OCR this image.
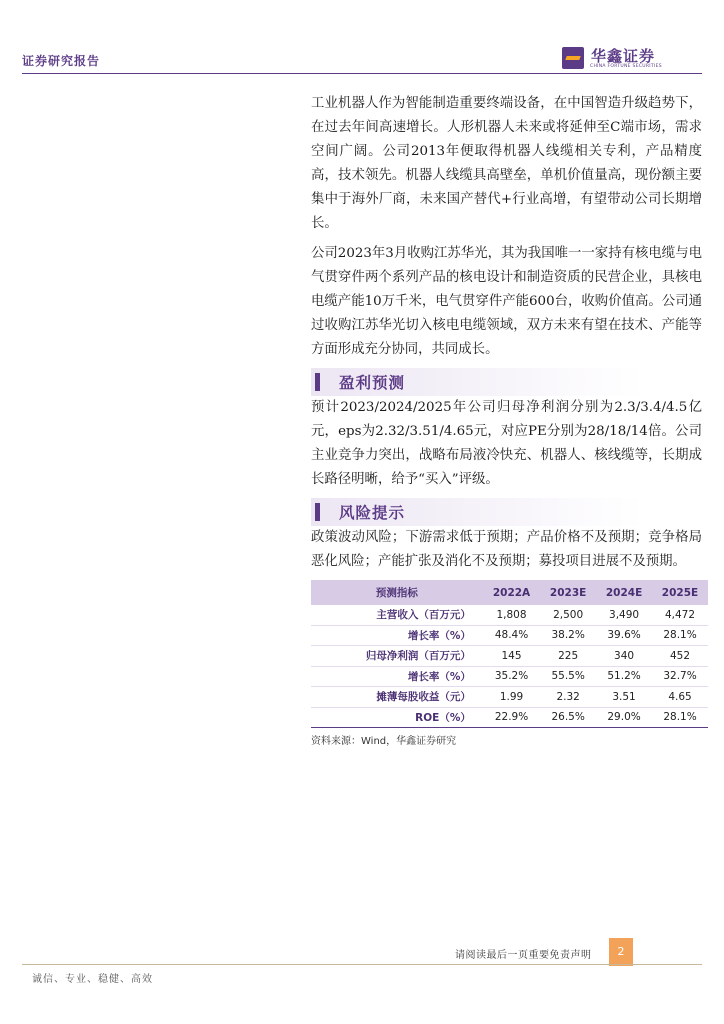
证券研究报告	华鑫证券
CHINA FORTUNE SECURITIES

工业机器人作为智能制造重要终端设备，在中国智造升级趋势下，在过去年间高速增长。人形机器人未来或将延伸至C端市场，需求空间广阔。公司2013年便取得机器人线缆相关专利，产品精度高，技术领先。机器人线缆具高壁垒，单机价值量高，现份额主要集中于海外厂商，未来国产替代+行业高增，有望带动公司长期增长。

公司2023年3月收购江苏华光，其为我国唯一一家持有核电缆与电气贯穿件两个系列产品的核电设计和制造资质的民营企业，具核电电缆产能10万千米，电气贯穿件产能600台，收购价值高。公司通过收购江苏华光切入核电电缆领域，双方未来有望在技术、产能等方面形成充分协同，共同成长。

盈利预测

预计2023/2024/2025年公司归母净利润分别为2.3/3.4/4.5亿元，eps为2.32/3.51/4.65元，对应PE分别为28/18/14倍。公司主业竞争力突出，战略布局液冷快充、机器人、核线缆等，长期成长路径明晰，给予“买入”评级。

风险提示

政策波动风险；下游需求低于预期；产品价格不及预期；竞争格局恶化风险；产能扩张及消化不及预期；募投项目进展不及预期。

预测指标	2022A	2023E	2024E	2025E
主营收入（百万元）	1,808	2,500	3,490	4,472
增长率（%）	48.4%	38.2%	39.6%	28.1%
归母净利润（百万元）	145	225	340	452
增长率（%）	35.2%	55.5%	51.2%	32.7%
摊薄每股收益（元）	1.99	2.32	3.51	4.65
ROE（%）	22.9%	26.5%	29.0%	28.1%
资料来源：Wind，华鑫证券研究
请阅读最后一页重要免责声明	2
诚信、专业、稳健、高效
